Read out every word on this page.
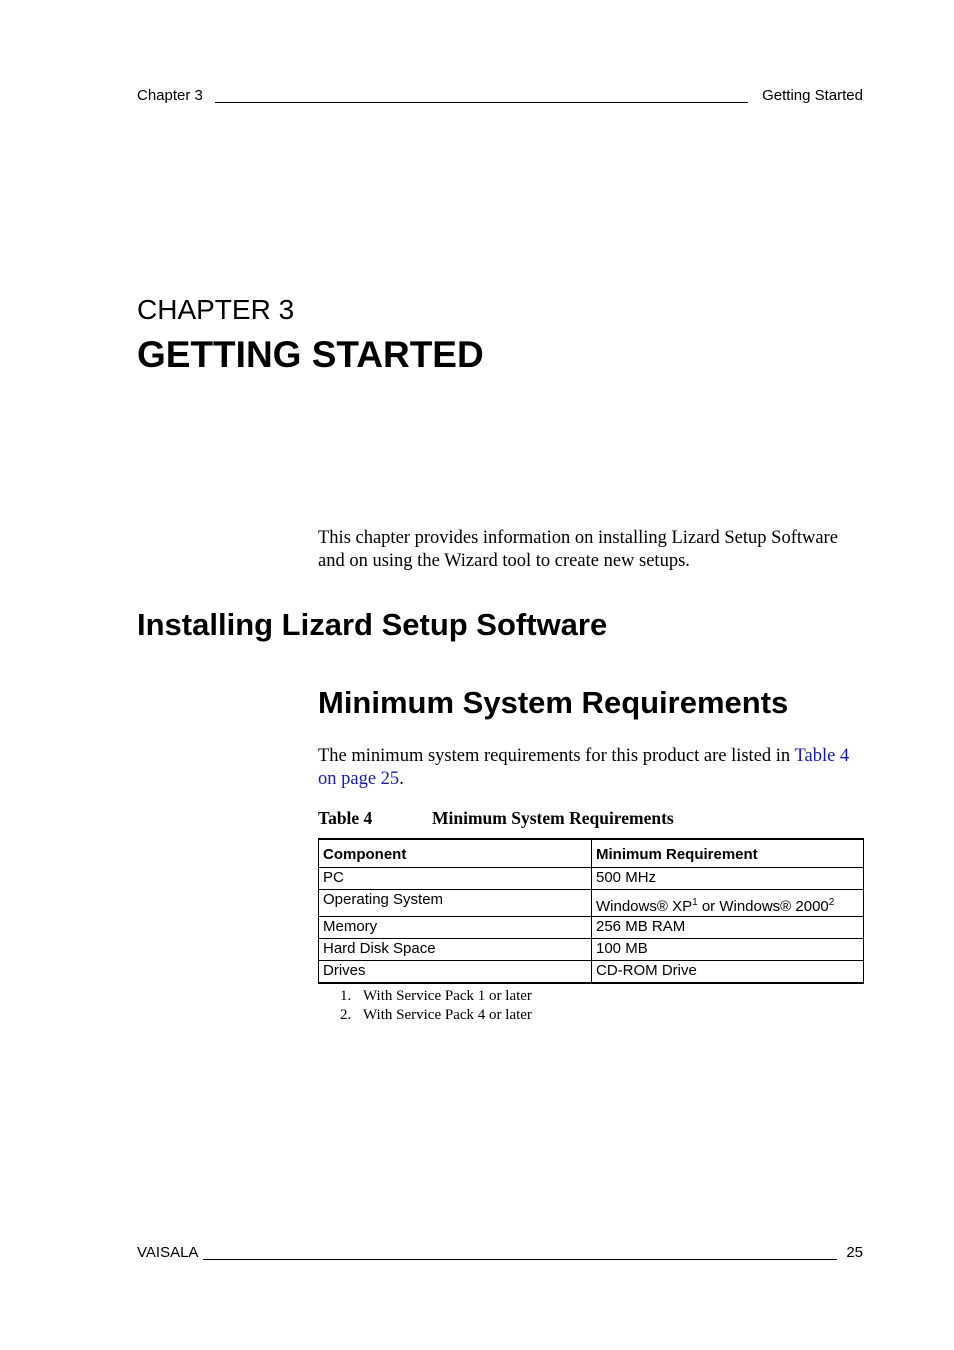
Chapter 3	Getting Started
CHAPTER 3
GETTING STARTED
This chapter provides information on installing Lizard Setup Software and on using the Wizard tool to create new setups.
Installing Lizard Setup Software
Minimum System Requirements
The minimum system requirements for this product are listed in Table 4 on page 25.
Table 4	Minimum System Requirements
Component	Minimum Requirement
PC	500 MHz
Operating System	Windows® $XP^1$ or Windows® 2000$^2$
Memory	256 MB RAM
Hard Disk Space	100 MB
Drives	CD-ROM Drive
1. With Service Pack 1 or later
2. With Service Pack 4 or later
VAISALA	25
